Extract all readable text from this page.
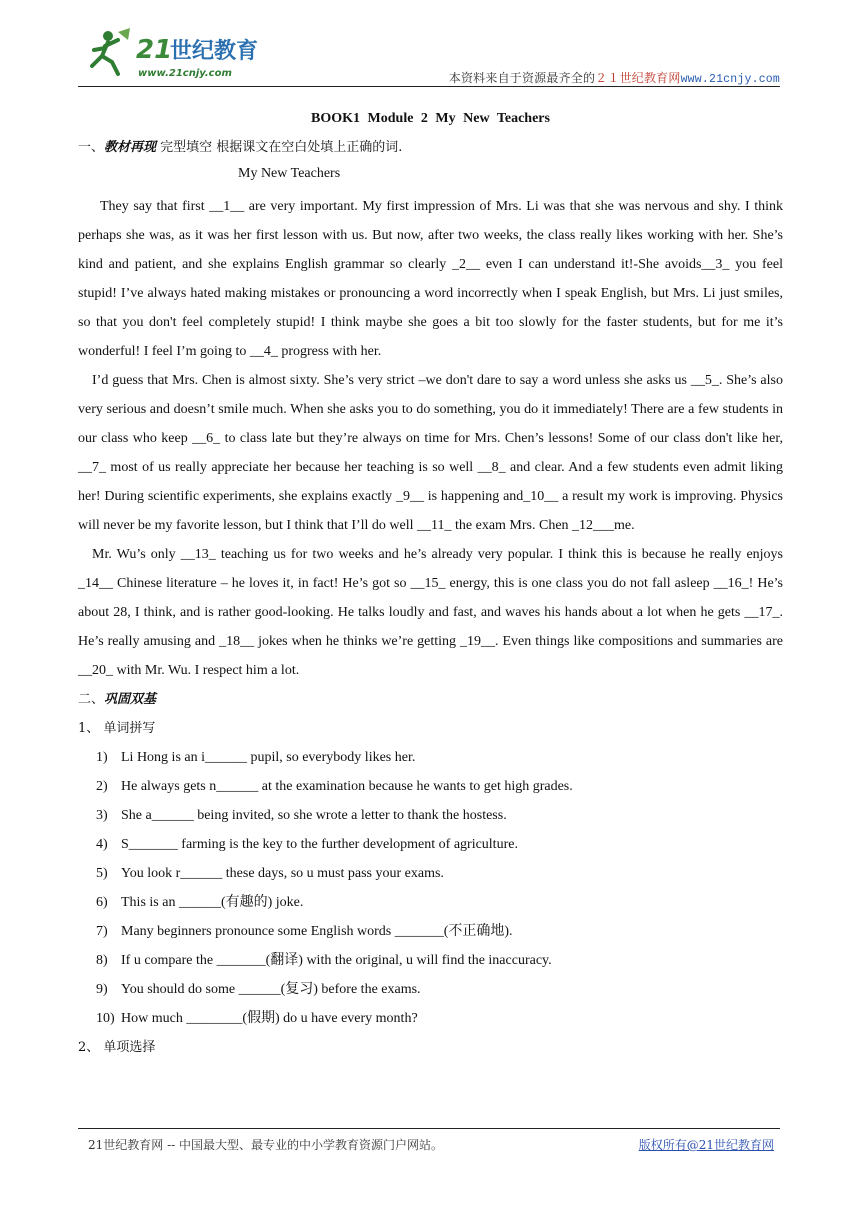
21
世纪教育
www.21cnjy.com	本资料来自于资源最齐全的２１世纪教育网www.21cnjy.com
BOOK1 Module 2 My New Teachers
一、教材再现 完型填空 根据课文在空白处填上正确的词.
My New Teachers

They say that first __1__ are very important. My first impression of Mrs. Li was that she was nervous and shy. I think perhaps she was, as it was her first lesson with us. But now, after two weeks, the class really likes working with her. She’s kind and patient, and she explains English grammar so clearly _2__ even I can understand it!-She avoids__3_ you feel stupid! I’ve always hated making mistakes or pronouncing a word incorrectly when I speak English, but Mrs. Li just smiles, so that you don't feel completely stupid! I think maybe she goes a bit too slowly for the faster students, but for me it’s wonderful! I feel I’m going to __4_ progress with her.

I’d guess that Mrs. Chen is almost sixty. She’s very strict –we don't dare to say a word unless she asks us __5_. She’s also very serious and doesn’t smile much. When she asks you to do something, you do it immediately! There are a few students in our class who keep __6_ to class late but they’re always on time for Mrs. Chen’s lessons! Some of our class don't like her, __7_ most of us really appreciate her because her teaching is so well __8_ and clear. And a few students even admit liking her! During scientific experiments, she explains exactly _9__ is happening and_10__ a result my work is improving. Physics will never be my favorite lesson, but I think that I’ll do well __11_ the exam Mrs. Chen _12___me.

Mr. Wu’s only __13_ teaching us for two weeks and he’s already very popular. I think this is because he really enjoys _14__ Chinese literature – he loves it, in fact! He’s got so __15_ energy, this is one class you do not fall asleep __16_! He’s about 28, I think, and is rather good-looking. He talks loudly and fast, and waves his hands about a lot when he gets __17_. He’s really amusing and _18__ jokes when he thinks we’re getting _19__. Even things like compositions and summaries are __20_ with Mr. Wu. I respect him a lot.

二、巩固双基
1、 单词拼写
1) Li Hong is an i______ pupil, so everybody likes her.
2) He always gets n______ at the examination because he wants to get high grades.
3) She a______ being invited, so she wrote a letter to thank the hostess.
4) S_______ farming is the key to the further development of agriculture.
5) You look r______ these days, so u must pass your exams.
6) This is an ______(有趣的) joke.
7) Many beginners pronounce some English words _______(不正确地).
8) If u compare the _______(翻译) with the original, u will find the inaccuracy.
9) You should do some ______(复习) before the exams.
10) How much ________(假期) do u have every month?
2、 单项选择
21世纪教育网 -- 中国最大型、最专业的中小学教育资源门户网站。	版权所有@21世纪教育网
